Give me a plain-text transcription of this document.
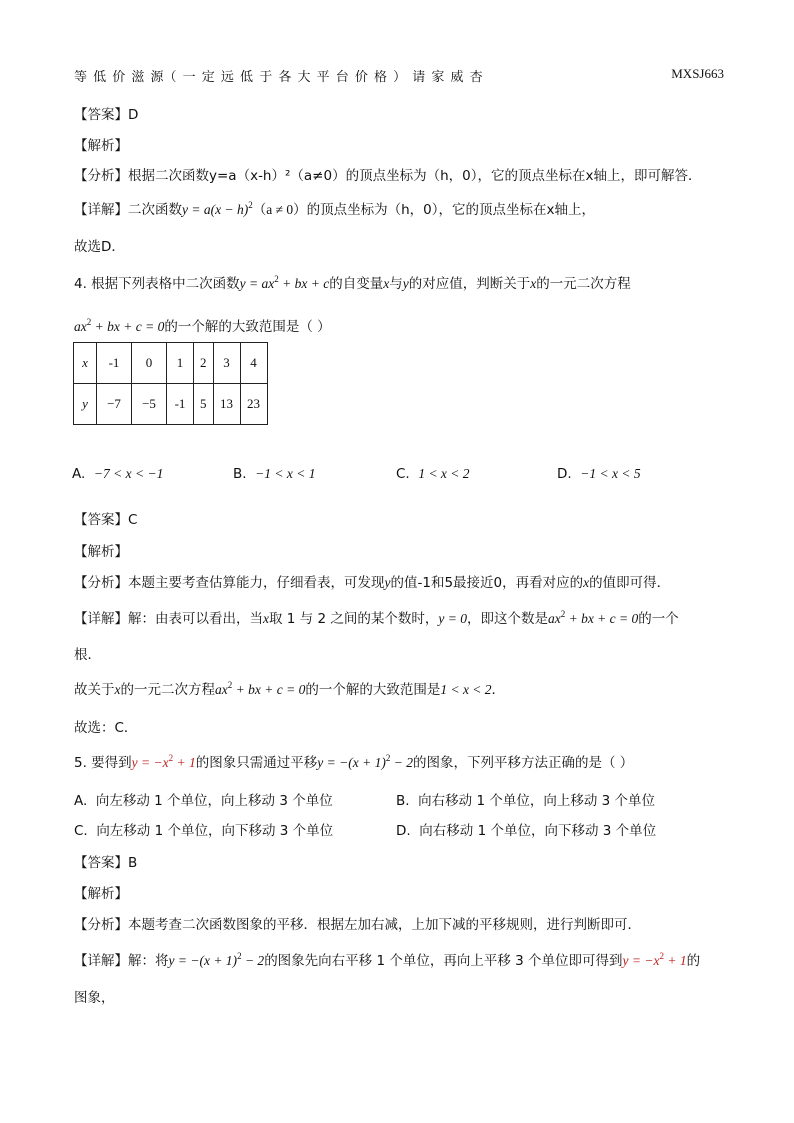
等 低 价 滋 源（ 一 定 远 低 于 各 大 平 台 价 格 ） 请 家 威 杏	MXSJ663
【答案】D
【解析】
【分析】根据二次函数y=a（x-h）²（a≠0）的顶点坐标为（h，0），它的顶点坐标在x轴上，即可解答．
【详解】二次函数$y = a(x - h)^2(a \ne 0)$的顶点坐标为（h，0），它的顶点坐标在x轴上，
故选D．
4. 根据下列表格中二次函数$y = ax^2$ + bx + c的自变量x与y的对应值，判断关于x的一元二次方程
$ax^2$ + bx + c = 0的一个解的大致范围是（ ）
x	-1	0	1	2	3	4
y	−7	−5	-1	5	13	23
A. −7 < x < −1	B. −1 < x < 1	C. 1 < x < 2	D. −1 < x < 5
【答案】C
【解析】
【分析】本题主要考查估算能力，仔细看表，可发现y的值-1和5最接近0，再看对应的x的值即可得．
【详解】解：由表可以看出，当x取 1 与 2 之间的某个数时，y = 0，即这个数是$ax^2$ + bx + c = 0的一个
根．
故关于x的一元二次方程$ax^2$ + bx + c = 0的一个解的大致范围是1 < x < 2．
故选：C．
5. 要得到$y = -x^2 + 1$的图象只需通过平移$y = -(x + 1)^2 - 2$的图象，下列平移方法正确的是（ ）
A. 向左移动 1 个单位，向上移动 3 个单位	B. 向右移动 1 个单位，向上移动 3 个单位
C. 向左移动 1 个单位，向下移动 3 个单位	D. 向右移动 1 个单位，向下移动 3 个单位
【答案】B
【解析】
【分析】本题考查二次函数图象的平移．根据左加右减，上加下减的平移规则，进行判断即可．
【详解】解：将$y = -(x + 1)^2 - 2$的图象先向右平移 1 个单位，再向上平移 3 个单位即可得到$y = -x^2 + 1$的
图象，
